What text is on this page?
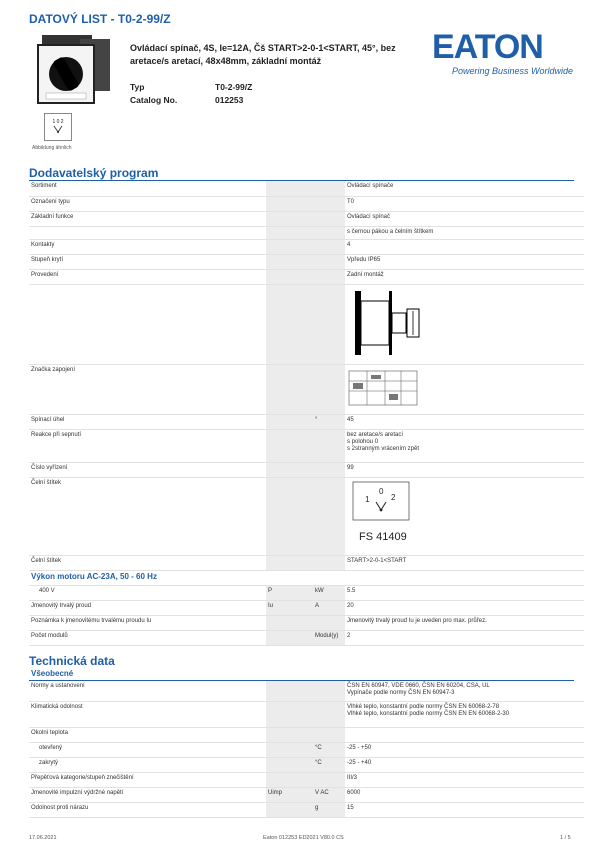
DATOVÝ LIST - T0-2-99/Z
Ovládací spínač, 4S, Ie=12A, Čš START>2-0-1<START, 45°, bez aretace/s aretací, 48x48mm, základní montáž
Typ	T0-2-99/Z
Catalog No.	012253
EATON
Powering Business Worldwide
1 0 2
Abbildung ähnlich
Dodavatelský program
Sortiment			Ovládací spínače
Označení typu			T0
Základní funkce			Ovládací spínač
			s černou pákou a čelním štítkem
Kontakty			4
Stupeň krytí			Vpředu IP65
Provedení			Zadní montáž

Značka zapojení			
Spínací úhel		°	45
Reakce při sepnutí			bez aretace/s aretací
s polohou 0
s 2stranným vrácením zpět

Číslo vyřízení			99
Čelní štítek			1
0
2
FS 41409

Čelní štítek			START>2-0-1<START
Výkon motoru AC-23A, 50 - 60 Hz			
400 V	P	kW	5.5
Jmenovitý trvalý proud	Iu	A	20
Poznámka k jmenovitému trvalému proudu Iu			Jmenovitý trvalý proud Iu je uveden pro max. průřez.
Počet modulů		Modul(y)	2
Technická data
Všeobecné
Normy a ustanovení			ČSN EN 60947, VDE 0660, ČSN EN 60204, CSA, UL
Vypínače podle normy ČSN EN 60947-3

Klimatická odolnost			Vlhké teplo, konstantní podle normy ČSN EN 60068-2-78
Vlhké teplo, konstantní podle normy ČSN EN EN 60068-2-30

Okolní teplota			
otevřený		°C	-25 - +50
zakrytý		°C	-25 - +40
Přepěťová kategorie/stupeň znečištění			III/3
Jmenovité impulzní výdržné napětí	Uimp	V AC	6000
Odolnost proti nárazu		g	15
17.06.2021	Eaton 012253 ED2021 V80.0 CS	1 / 5
